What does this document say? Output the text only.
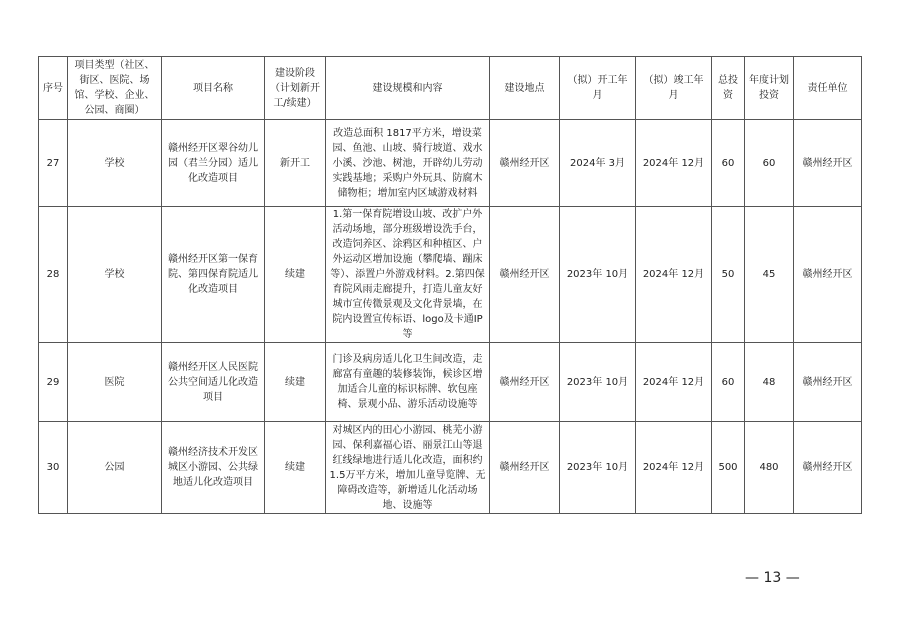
序号	项目类型（社区、街区、医院、场馆、学校、企业、公园、商圈）	项目名称	建设阶段（计划新开工/续建）	建设规模和内容	建设地点	（拟）开工年月	（拟）竣工年月	总投资	年度计划投资	责任单位
27	学校	赣州经开区翠谷幼儿园（君兰分园）适儿化改造项目	新开工	改造总面积 1817平方米，增设菜园、鱼池、山坡、骑行坡道、戏水小溪、沙池、树池，开辟幼儿劳动实践基地；采购户外玩具、防腐木储物柜；增加室内区域游戏材料	赣州经开区	2024年 3月	2024年 12月	60	60	赣州经开区
28	学校	赣州经开区第一保育院、第四保育院适儿化改造项目	续建	1.第一保育院增设山坡、改扩户外活动场地，部分班级增设洗手台，改造饲养区、涂鸦区和种植区、户外运动区增加设施（攀爬墙、蹦床等）、添置户外游戏材料。2.第四保育院风雨走廊提升，打造儿童友好城市宣传微景观及文化背景墙，在院内设置宣传标语、logo及卡通IP等	赣州经开区	2023年 10月	2024年 12月	50	45	赣州经开区
29	医院	赣州经开区人民医院公共空间适儿化改造项目	续建	门诊及病房适儿化卫生间改造，走廊富有童趣的装修装饰，候诊区增加适合儿童的标识标牌、软包座椅、景观小品、游乐活动设施等	赣州经开区	2023年 10月	2024年 12月	60	48	赣州经开区
30	公园	赣州经济技术开发区城区小游园、公共绿地适儿化改造项目	续建	对城区内的田心小游园、桃芜小游园、保利嘉福心语、丽景江山等退红线绿地进行适儿化改造，面积约1.5万平方米，增加儿童导览牌、无障碍改造等，新增适儿化活动场地、设施等	赣州经开区	2023年 10月	2024年 12月	500	480	赣州经开区
— 13 —
